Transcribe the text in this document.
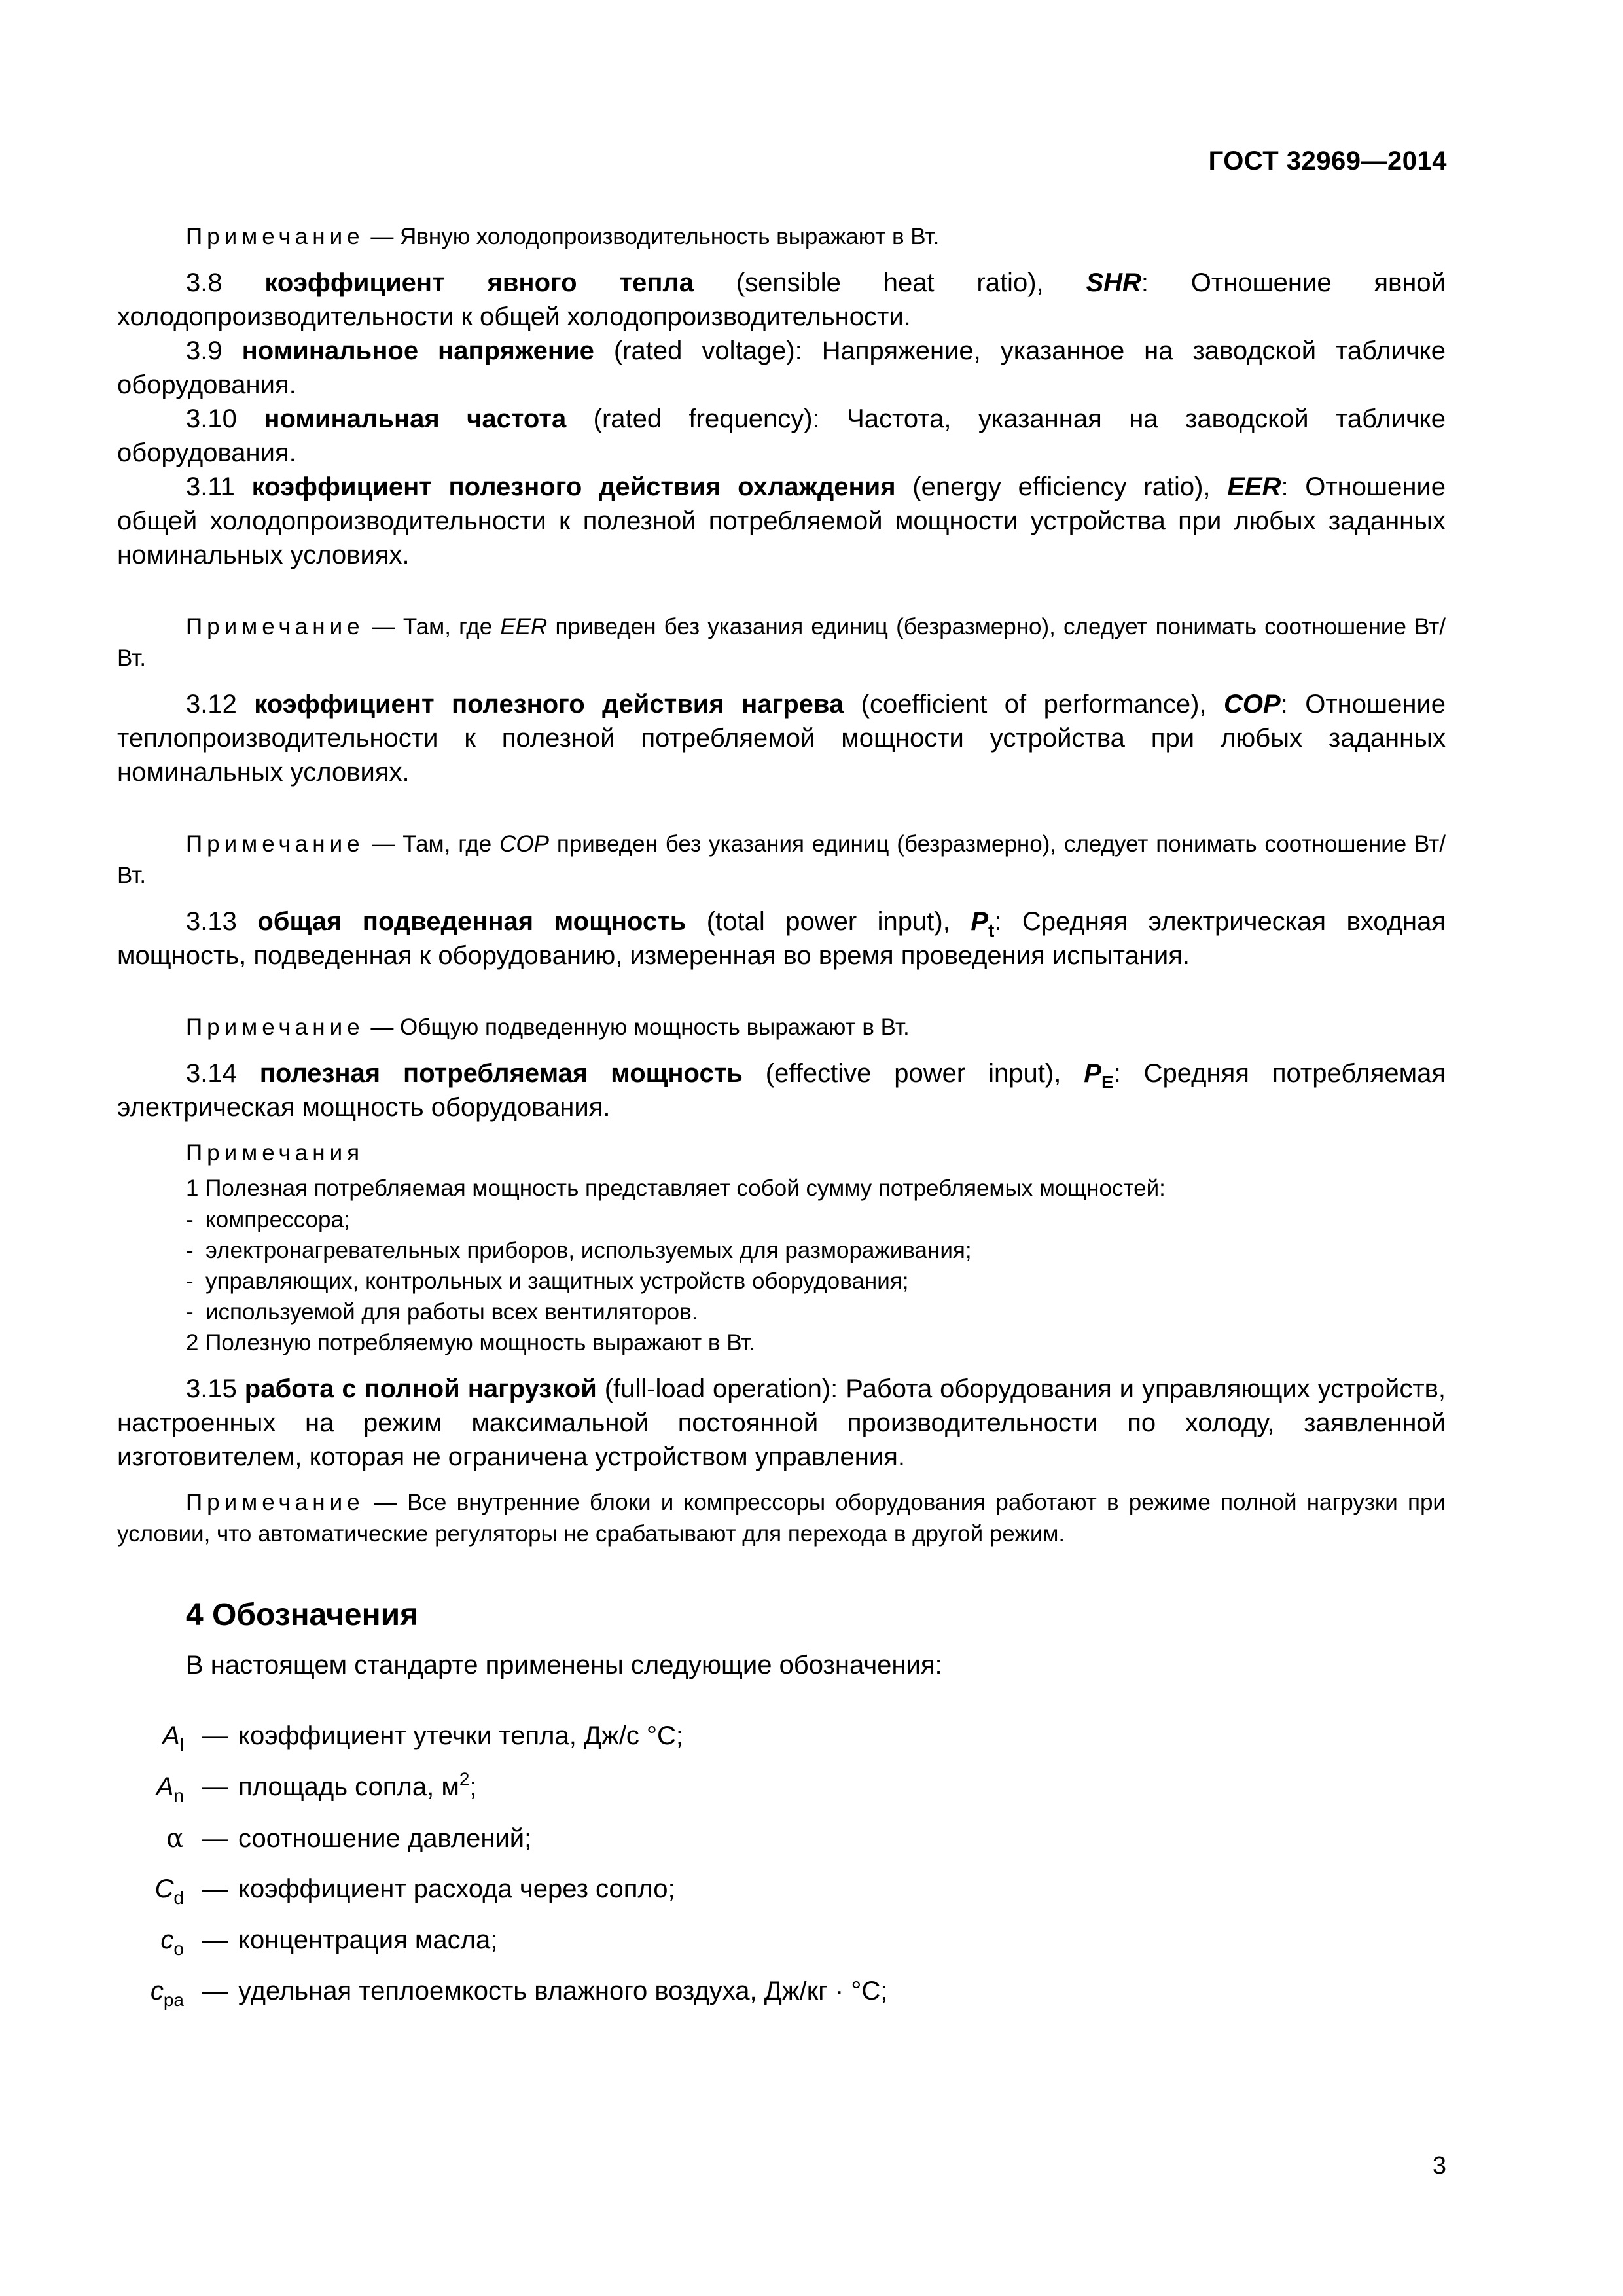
ГОСТ 32969—2014

Примечание — Явную холодопроизводительность выражают в Вт.

3.8 коэффициент явного тепла (sensible heat ratio), SHR: Отношение явной холодопроизводительности к общей холодопроизводительности.

3.9 номинальное напряжение (rated voltage): Напряжение, указанное на заводской табличке оборудования.

3.10 номинальная частота (rated frequency): Частота, указанная на заводской табличке оборудования.

3.11 коэффициент полезного действия охлаждения (energy efficiency ratio), EER: Отношение общей холодопроизводительности к полезной потребляемой мощности устройства при любых заданных номинальных условиях.

Примечание — Там, где EER приведен без указания единиц (безразмерно), следует понимать соотношение Вт/Вт.

3.12 коэффициент полезного действия нагрева (coefficient of performance), COP: Отношение теплопроизводительности к полезной потребляемой мощности устройства при любых заданных номинальных условиях.

Примечание — Там, где COP приведен без указания единиц (безразмерно), следует понимать соотношение Вт/Вт.

3.13 общая подведенная мощность (total power input), $P_t$: Средняя электрическая входная мощность, подведенная к оборудованию, измеренная во время проведения испытания.

Примечание — Общую подведенную мощность выражают в Вт.

3.14 полезная потребляемая мощность (effective power input), $P_E$: Средняя потребляемая электрическая мощность оборудования.

Примечания

1 Полезная потребляемая мощность представляет собой сумму потребляемых мощностей:

- компрессора;

- электронагревательных приборов, используемых для размораживания;

- управляющих, контрольных и защитных устройств оборудования;

- используемой для работы всех вентиляторов.

2 Полезную потребляемую мощность выражают в Вт.

3.15 работа с полной нагрузкой (full-load operation): Работа оборудования и управляющих устройств, настроенных на режим максимальной постоянной производительности по холоду, заявленной изготовителем, которая не ограничена устройством управления.

Примечание — Все внутренние блоки и компрессоры оборудования работают в режиме полной нагрузки при условии, что автоматические регуляторы не срабатывают для перехода в другой режим.

4 Обозначения

В настоящем стандарте применены следующие обозначения:

$A_l$ — коэффициент утечки тепла, Дж/с °С;
$A_n$ — площадь сопла, $м^2$;
α — соотношение давлений;
$C_d$ — коэффициент расхода через сопло;
$c_o$ — концентрация масла;
$c_{pa}$ — удельная теплоемкость влажного воздуха, Дж/кг · °С;
3
